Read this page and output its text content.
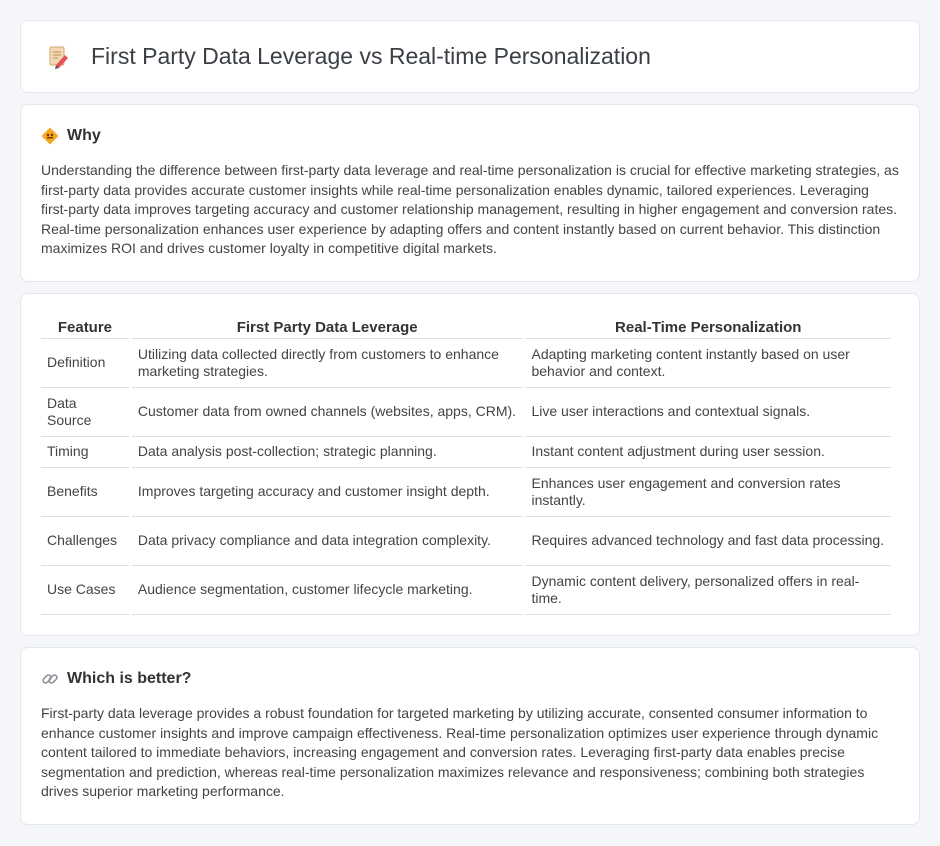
First Party Data Leverage vs Real-time Personalization
Why

Understanding the difference between first-party data leverage and real-time personalization is crucial for effective marketing strategies, as first-party data provides accurate customer insights while real-time personalization enables dynamic, tailored experiences. Leveraging first-party data improves targeting accuracy and customer relationship management, resulting in higher engagement and conversion rates. Real-time personalization enhances user experience by adapting offers and content instantly based on current behavior. This distinction maximizes ROI and drives customer loyalty in competitive digital markets.

Feature	First Party Data Leverage	Real-Time Personalization
Definition	Utilizing data collected directly from customers to enhance marketing strategies.	Adapting marketing content instantly based on user behavior and context.
Data Source	Customer data from owned channels (websites, apps, CRM).	Live user interactions and contextual signals.
Timing	Data analysis post-collection; strategic planning.	Instant content adjustment during user session.
Benefits	Improves targeting accuracy and customer insight depth.	Enhances user engagement and conversion rates instantly.
Challenges	Data privacy compliance and data integration complexity.	Requires advanced technology and fast data processing.
Use Cases	Audience segmentation, customer lifecycle marketing.	Dynamic content delivery, personalized offers in real-time.
Which is better?

First-party data leverage provides a robust foundation for targeted marketing by utilizing accurate, consented consumer information to enhance customer insights and improve campaign effectiveness. Real-time personalization optimizes user experience through dynamic content tailored to immediate behaviors, increasing engagement and conversion rates. Leveraging first-party data enables precise segmentation and prediction, whereas real-time personalization maximizes relevance and responsiveness; combining both strategies drives superior marketing performance.
